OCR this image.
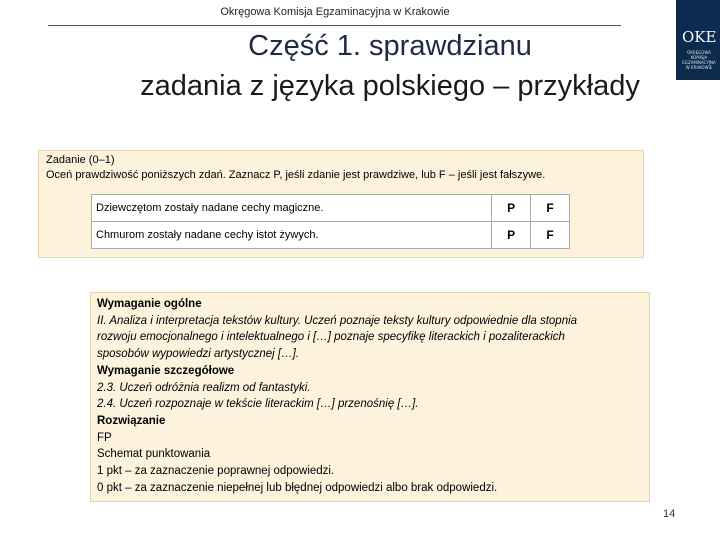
Okręgowa Komisja Egzaminacyjna w Krakowie
OKE
OKRĘGOWA KOMISJA EGZAMINACYJNA W KRAKOWIE
Część 1. sprawdzianu
zadania z języka polskiego – przykłady
Zadanie (0–1)
Oceń prawdziwość poniższych zdań. Zaznacz P, jeśli zdanie jest prawdziwe, lub F – jeśli jest fałszywe.
Dziewczętom zostały nadane cechy magiczne.	P	F
Chmurom zostały nadane cechy istot żywych.	P	F
Wymaganie ogólne
II. Analiza i interpretacja tekstów kultury. Uczeń poznaje teksty kultury odpowiednie dla stopnia
rozwoju emocjonalnego i intelektualnego i […] poznaje specyfikę literackich i pozaliterackich
sposobów wypowiedzi artystycznej […].
Wymaganie szczegółowe
2.3. Uczeń odróżnia realizm od fantastyki.
2.4. Uczeń rozpoznaje w tekście literackim […] przenośnię […].
Rozwiązanie
FP
Schemat punktowania
1 pkt – za zaznaczenie poprawnej odpowiedzi.
0 pkt – za zaznaczenie niepełnej lub błędnej odpowiedzi albo brak odpowiedzi.
14
